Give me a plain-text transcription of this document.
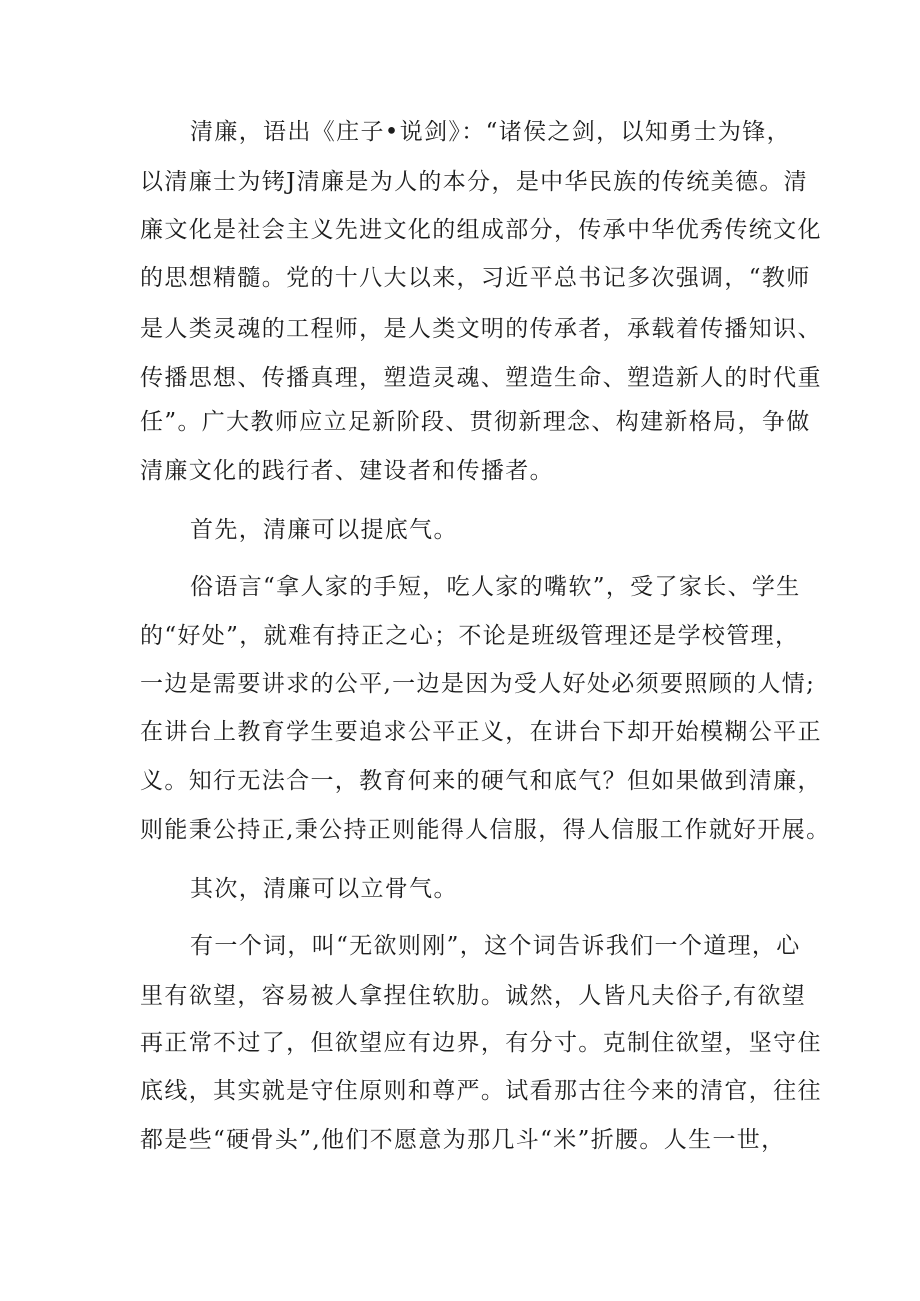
清廉，语出《庄子•说剑》：“诸侯之剑，以知勇士为锋，
以清廉士为铐J清廉是为人的本分，是中华民族的传统美德。清
廉文化是社会主义先进文化的组成部分，传承中华优秀传统文化
的思想精髓。党的十八大以来，习近平总书记多次强调，“教师
是人类灵魂的工程师，是人类文明的传承者，承载着传播知识、
传播思想、传播真理，塑造灵魂、塑造生命、塑造新人的时代重
任”。广大教师应立足新阶段、贯彻新理念、构建新格局，争做
清廉文化的践行者、建设者和传播者。
首先，清廉可以提底气。
俗语言“拿人家的手短，吃人家的嘴软”，受了家长、学生
的“好处”，就难有持正之心；不论是班级管理还是学校管理，
一边是需要讲求的公平,一边是因为受人好处必须要照顾的人情;
在讲台上教育学生要追求公平正义，在讲台下却开始模糊公平正
义。知行无法合一，教育何来的硬气和底气？但如果做到清廉，
则能秉公持正,秉公持正则能得人信服，得人信服工作就好开展。
其次，清廉可以立骨气。
有一个词，叫“无欲则刚”，这个词告诉我们一个道理，心
里有欲望，容易被人拿捏住软肋。诚然，人皆凡夫俗子,有欲望
再正常不过了，但欲望应有边界，有分寸。克制住欲望，坚守住
底线，其实就是守住原则和尊严。试看那古往今来的清官，往往
都是些“硬骨头”,他们不愿意为那几斗“米”折腰。人生一世，
